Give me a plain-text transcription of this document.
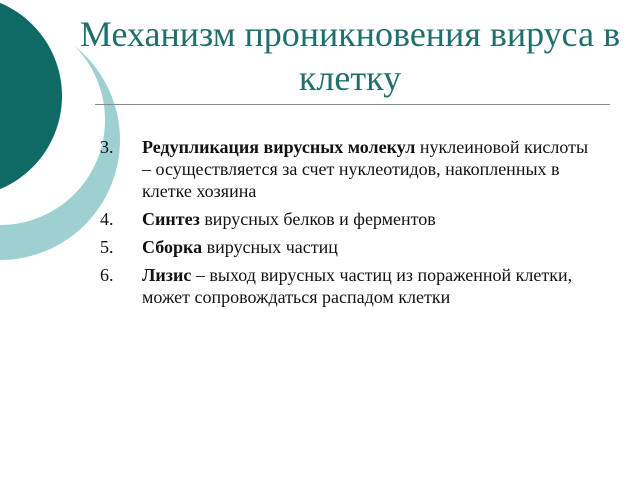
Механизм проникновения вируса в клетку
3. Редупликация вирусных молекул нуклеиновой кислоты – осуществляется за счет нуклеотидов, накопленных в клетке хозяина
4. Синтез вирусных белков и ферментов
5. Сборка вирусных частиц
6. Лизис – выход вирусных частиц из пораженной клетки, может сопровождаться распадом клетки
